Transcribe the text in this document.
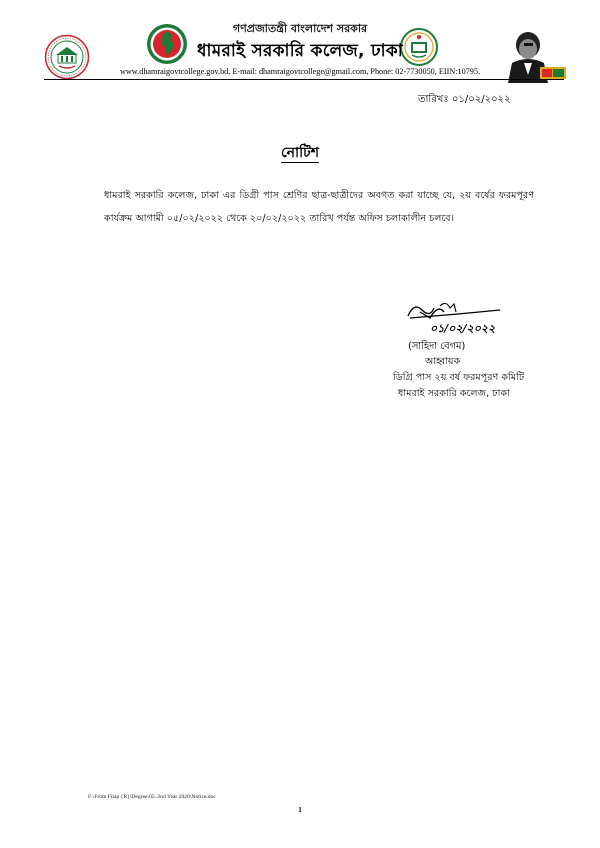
গণপ্রজাতন্ত্রী বাংলাদেশ সরকার
ধামরাই সরকারি কলেজ, ঢাকা
www.dhamraigovtcollege.gov.bd, E-mail: dhamraigovtcollege@gmail.com, Phone: 02-7730050, EIIN:10795.
তারিখঃ ০১/০২/২০২২
নোটিশ
ধামরাই সরকারি কলেজ, ঢাকা এর ডিগ্রী পাস শ্রেণির ছাত্র-ছাত্রীদের অবগত করা যাচ্ছে যে, ২য় বর্ষের ফরমপূরণ কার্যক্রম আগামী ০৫/০২/২০২২ থেকে ২০/০২/২০২২ তারিখ পর্যন্ত অফিস চলাকালীন চলবে।
০১/০২/২০২২
(সাহিদা বেগম)
আহ্বায়ক
ডিগ্রি পাস ২য় বর্ষ ফরমপূরণ কমিটি
ধামরাই সরকারি কলেজ, ঢাকা
F:\From Filap {R}\Degree\05..2nd Year 2020\Notice.doc
1
